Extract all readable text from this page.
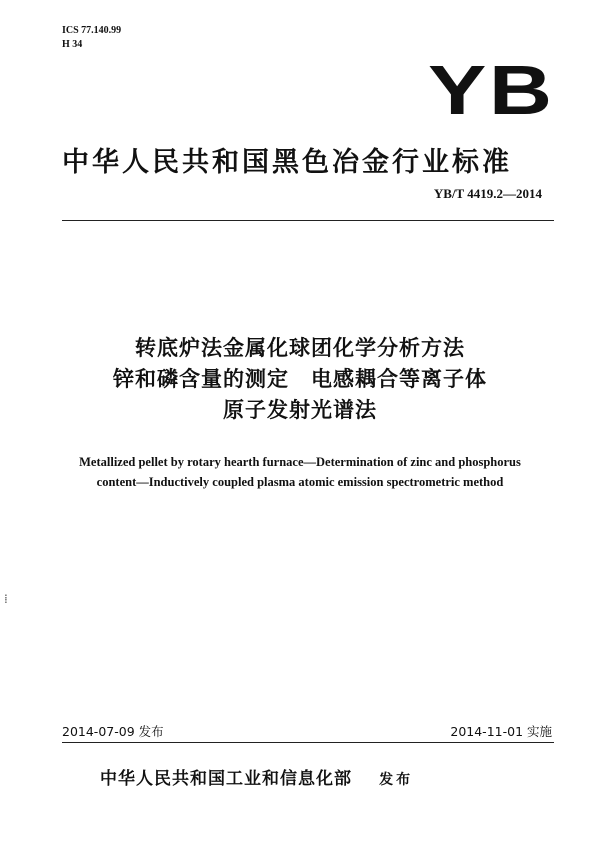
ICS 77.140.99
H 34
YB
中华人民共和国黑色冶金行业标准
YB/T 4419.2—2014
转底炉法金属化球团化学分析方法
锌和磷含量的测定　电感耦合等离子体
原子发射光谱法
Metallized pellet by rotary hearth furnace—Determination of zinc and phosphorus
content—Inductively coupled plasma atomic emission spectrometric method
⁞
2014-07-09 发布	2014-11-01 实施
中华人民共和国工业和信息化部 发布
